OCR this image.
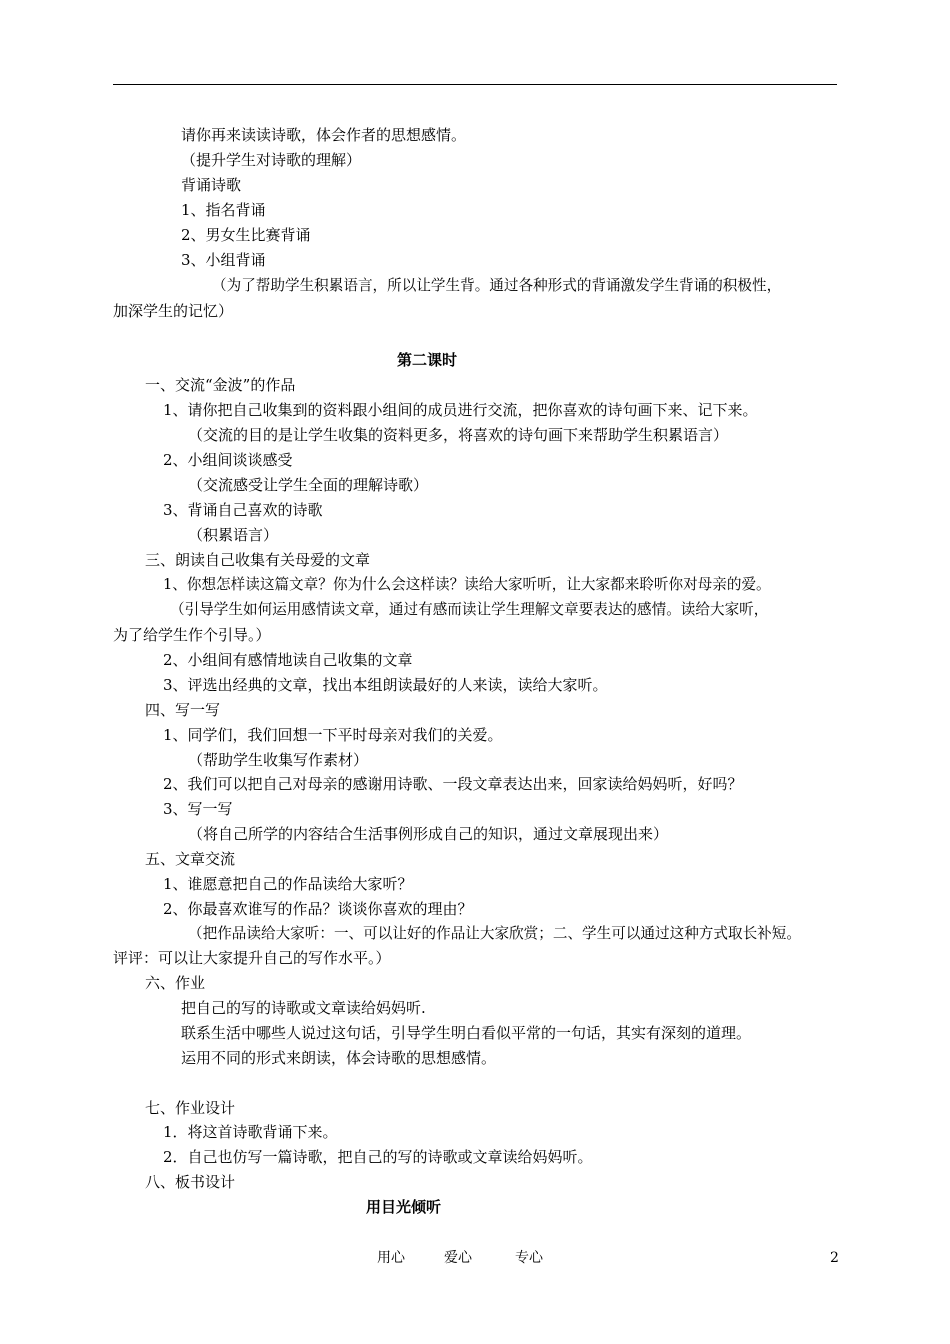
请你再来读读诗歌，体会作者的思想感情。
（提升学生对诗歌的理解）
背诵诗歌
1、指名背诵
2、男女生比赛背诵
3、小组背诵
（为了帮助学生积累语言，所以让学生背。通过各种形式的背诵激发学生背诵的积极性，
加深学生的记忆）
第二课时
一、交流“金波”的作品
1、请你把自己收集到的资料跟小组间的成员进行交流，把你喜欢的诗句画下来、记下来。
（交流的目的是让学生收集的资料更多，将喜欢的诗句画下来帮助学生积累语言）
2、小组间谈谈感受
（交流感受让学生全面的理解诗歌）
3、背诵自己喜欢的诗歌
（积累语言）
三、朗读自己收集有关母爱的文章
1、你想怎样读这篇文章？你为什么会这样读？读给大家听听，让大家都来聆听你对母亲的爱。
（引导学生如何运用感情读文章，通过有感而读让学生理解文章要表达的感情。读给大家听，
为了给学生作个引导。）
2、小组间有感情地读自己收集的文章
3、评选出经典的文章，找出本组朗读最好的人来读，读给大家听。
四、写一写
1、同学们，我们回想一下平时母亲对我们的关爱。
（帮助学生收集写作素材）
2、我们可以把自己对母亲的感谢用诗歌、一段文章表达出来，回家读给妈妈听，好吗？
3、写一写
（将自己所学的内容结合生活事例形成自己的知识，通过文章展现出来）
五、文章交流
1、谁愿意把自己的作品读给大家听？
2、你最喜欢谁写的作品？谈谈你喜欢的理由？
（把作品读给大家听：一、可以让好的作品让大家欣赏；二、学生可以通过这种方式取长补短。
评评：可以让大家提升自己的写作水平。）
六、作业
把自己的写的诗歌或文章读给妈妈听.
联系生活中哪些人说过这句话，引导学生明白看似平常的一句话，其实有深刻的道理。
运用不同的形式来朗读，体会诗歌的思想感情。
七、作业设计
1．将这首诗歌背诵下来。
2．自己也仿写一篇诗歌，把自己的写的诗歌或文章读给妈妈听。
八、板书设计
用目光倾听
用心	爱心	专心	2
